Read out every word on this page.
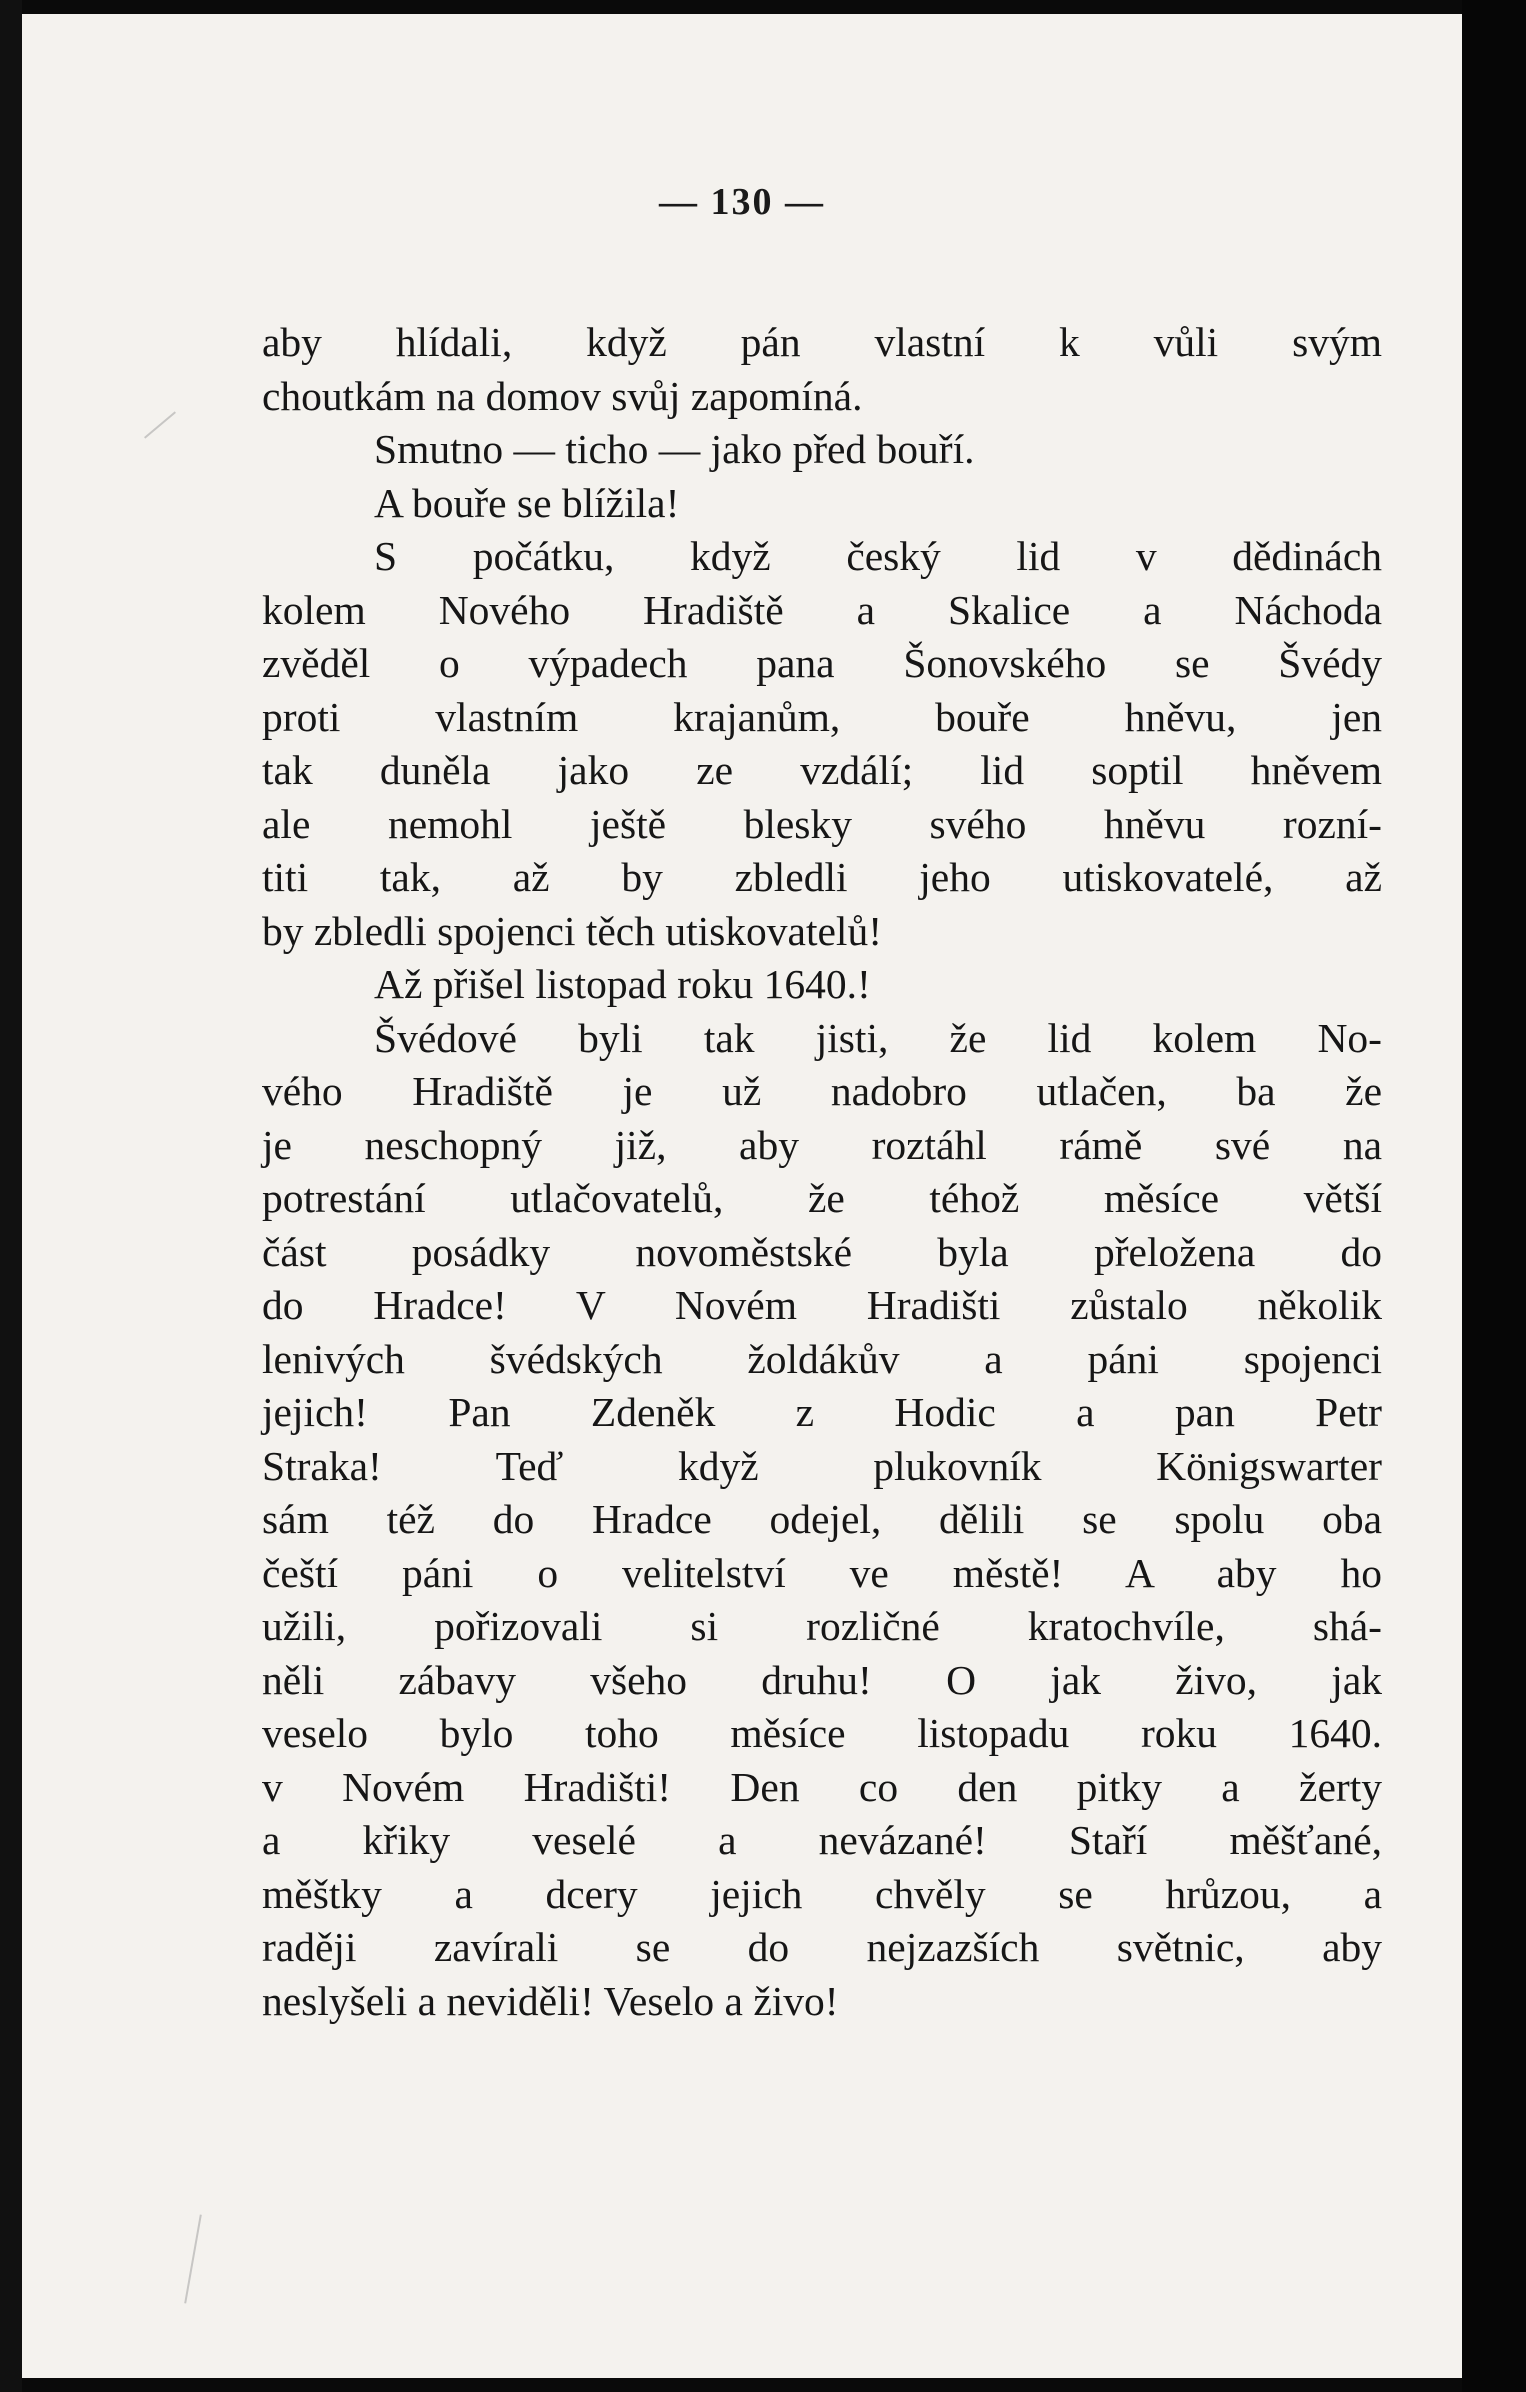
— 130 —
aby hlídali, když pán vlastní k vůli svým
choutkám na domov svůj zapomíná.
Smutno — ticho — jako před bouří.
A bouře se blížila!
S počátku, když český lid v dědinách
kolem Nového Hradiště a Skalice a Náchoda
zvěděl o výpadech pana Šonovského se Švédy
proti vlastním krajanům, bouře hněvu, jen
tak duněla jako ze vzdálí; lid soptil hněvem
ale nemohl ještě blesky svého hněvu rozní-
titi tak, až by zbledli jeho utiskovatelé, až
by zbledli spojenci těch utiskovatelů!
Až přišel listopad roku 1640.!
Švédové byli tak jisti, že lid kolem No-
vého Hradiště je už nadobro utlačen, ba že
je neschopný již, aby roztáhl rámě své na
potrestání utlačovatelů, že téhož měsíce větší
část posádky novoměstské byla přeložena do
do Hradce! V Novém Hradišti zůstalo několik
lenivých švédských žoldákův a páni spojenci
jejich! Pan Zdeněk z Hodic a pan Petr
Straka! Teď když plukovník Königswarter
sám též do Hradce odejel, dělili se spolu oba
čeští páni o velitelství ve městě! A aby ho
užili, pořizovali si rozličné kratochvíle, shá-
něli zábavy všeho druhu! O jak živo, jak
veselo bylo toho měsíce listopadu roku 1640.
v Novém Hradišti! Den co den pitky a žerty
a křiky veselé a nevázané! Staří měšťané,
měštky a dcery jejich chvěly se hrůzou, a
raději zavírali se do nejzazších světnic, aby
neslyšeli a neviděli! Veselo a živo!
